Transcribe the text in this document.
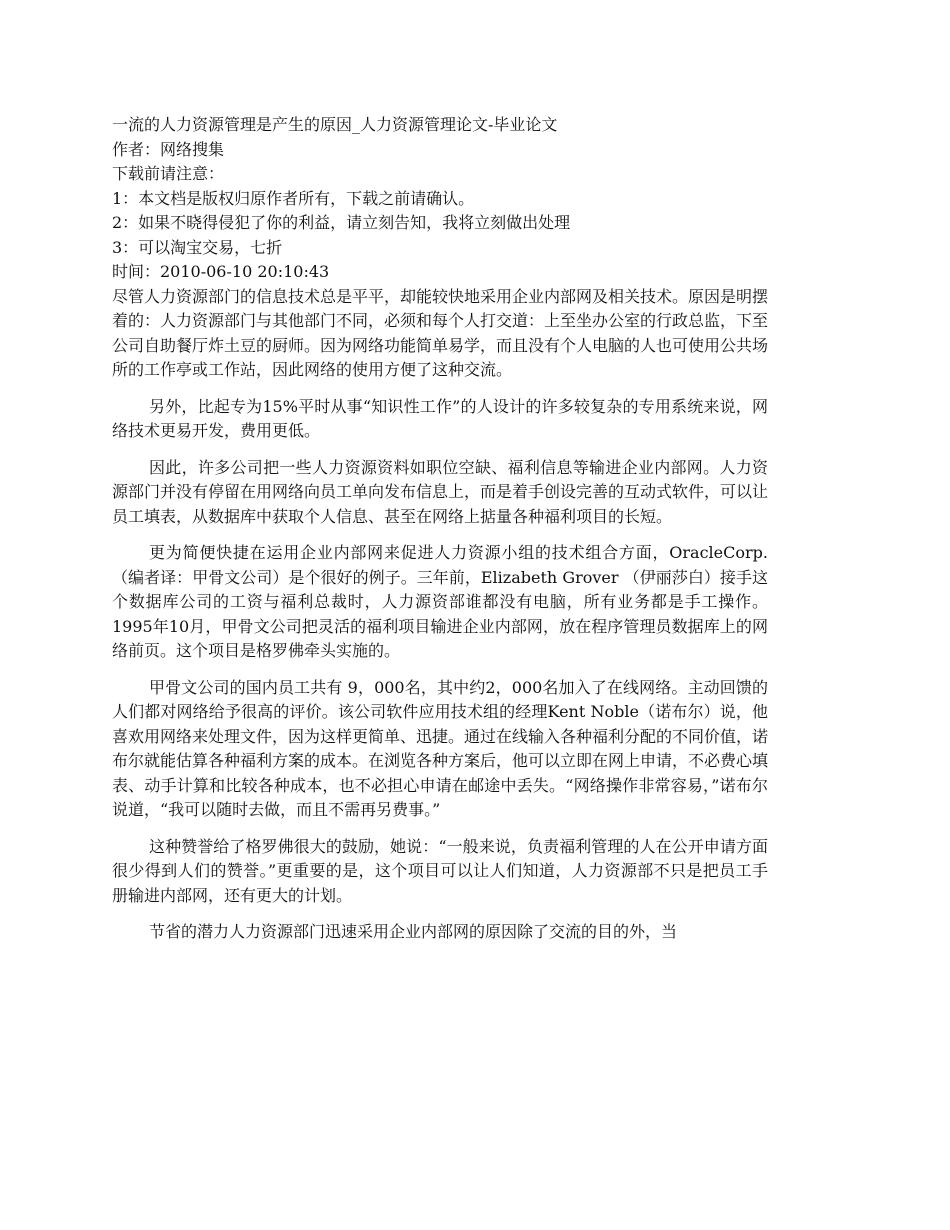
一流的人力资源管理是产生的原因_人力资源管理论文-毕业论文
作者：网络搜集
下载前请注意：
1：本文档是版权归原作者所有，下载之前请确认。
2：如果不晓得侵犯了你的利益，请立刻告知，我将立刻做出处理
3：可以淘宝交易，七折
时间：2010-06-10 20:10:43

尽管人力资源部门的信息技术总是平平，却能较快地采用企业内部网及相关技术。原因是明摆着的：人力资源部门与其他部门不同，必须和每个人打交道：上至坐办公室的行政总监，下至公司自助餐厅炸土豆的厨师。因为网络功能简单易学，而且没有个人电脑的人也可使用公共场所的工作亭或工作站，因此网络的使用方便了这种交流。

另外，比起专为15%平时从事“知识性工作”的人设计的许多较复杂的专用系统来说，网络技术更易开发，费用更低。

因此，许多公司把一些人力资源资料如职位空缺、福利信息等输进企业内部网。人力资源部门并没有停留在用网络向员工单向发布信息上，而是着手创设完善的互动式软件，可以让员工填表，从数据库中获取个人信息、甚至在网络上掂量各种福利项目的长短。

更为简便快捷在运用企业内部网来促进人力资源小组的技术组合方面，OracleCorp.（编者译：甲骨文公司）是个很好的例子。三年前，Elizabeth Grover （伊丽莎白）接手这个数据库公司的工资与福利总裁时，人力源资部谁都没有电脑，所有业务都是手工操作。1995年10月，甲骨文公司把灵活的福利项目输进企业内部网，放在程序管理员数据库上的网络前页。这个项目是格罗佛牵头实施的。

甲骨文公司的国内员工共有 9，000名，其中约2，000名加入了在线网络。主动回馈的人们都对网络给予很高的评价。该公司软件应用技术组的经理Kent Noble（诺布尔）说，他喜欢用网络来处理文件，因为这样更简单、迅捷。通过在线输入各种福利分配的不同价值，诺布尔就能估算各种福利方案的成本。在浏览各种方案后，他可以立即在网上申请，不必费心填表、动手计算和比较各种成本，也不必担心申请在邮途中丢失。“网络操作非常容易，”诺布尔说道，“我可以随时去做，而且不需再另费事。”

这种赞誉给了格罗佛很大的鼓励，她说：“一般来说，负责福利管理的人在公开申请方面很少得到人们的赞誉。”更重要的是，这个项目可以让人们知道，人力资源部不只是把员工手册输进内部网，还有更大的计划。

节省的潜力人力资源部门迅速采用企业内部网的原因除了交流的目的外，当
